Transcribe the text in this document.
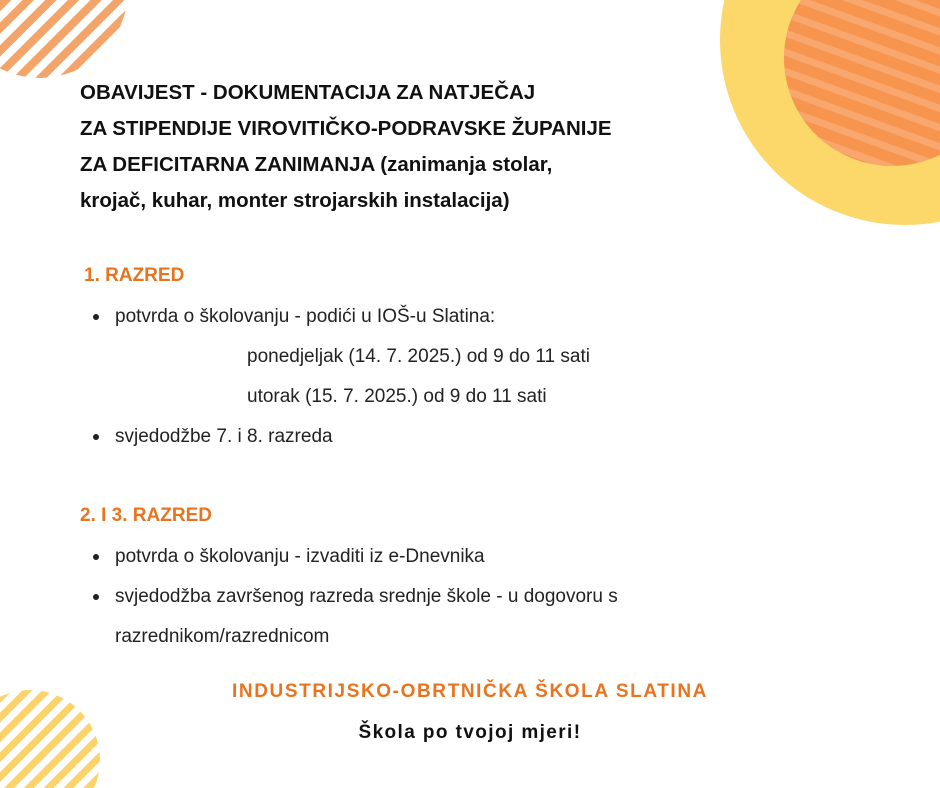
OBAVIJEST - DOKUMENTACIJA ZA NATJEČAJ
ZA STIPENDIJE VIROVITIČKO-PODRAVSKE ŽUPANIJE
ZA DEFICITARNA ZANIMANJA (zanimanja stolar,
krojač, kuhar, monter strojarskih instalacija)
1. RAZRED
potvrda o školovanju - podići u IOŠ-u Slatina:
ponedjeljak (14. 7. 2025.) od 9 do 11 sati
utorak (15. 7. 2025.) od 9 do 11 sati
svjedodžbe 7. i 8. razreda
2. I 3. RAZRED
potvrda o školovanju - izvaditi iz e-Dnevnika
svjedodžba završenog razreda srednje škole - u dogovoru s
razrednikom/razrednicom

INDUSTRIJSKO-OBRTNIČKA ŠKOLA SLATINA

Škola po tvojoj mjeri!
